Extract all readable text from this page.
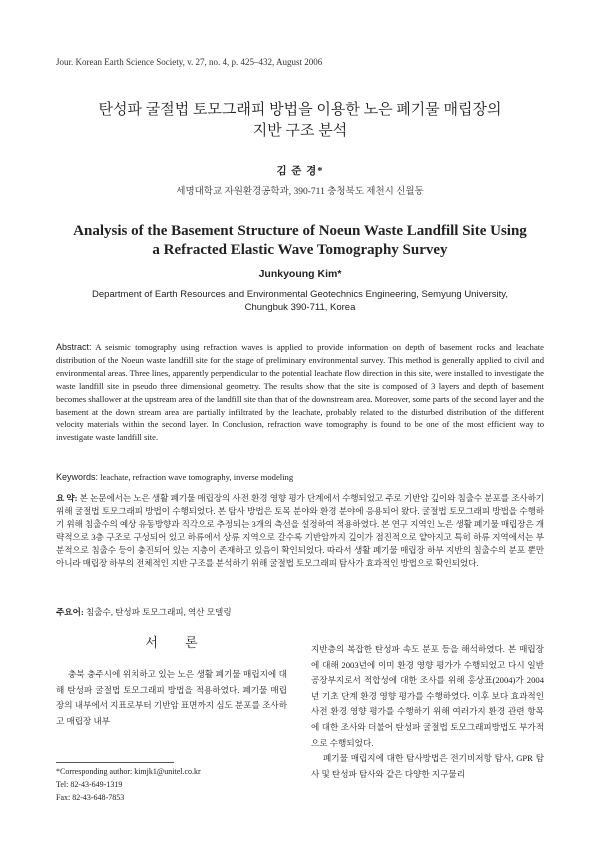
Jour. Korean Earth Science Society, v. 27, no. 4, p. 425–432, August 2006
탄성파 굴절법 토모그래피 방법을 이용한 노은 폐기물 매립장의
지반 구조 분석
김 준 경*
세명대학교 자원환경공학과, 390-711 충청북도 제천시 신월동
Analysis of the Basement Structure of Noeun Waste Landfill Site Using
a Refracted Elastic Wave Tomography Survey
Junkyoung Kim*
Department of Earth Resources and Environmental Geotechnics Engineering, Semyung University,
Chungbuk 390-711, Korea
Abstract: A seismic tomography using refraction waves is applied to provide information on depth of basement rocks and leachate distribution of the Noeun waste landfill site for the stage of preliminary environmental survey. This method is generally applied to civil and environmental areas. Three lines, apparently perpendicular to the potential leachate flow direction in this site, were installed to investigate the waste landfill site in pseudo three dimensional geometry. The results show that the site is composed of 3 layers and depth of basement becomes shallower at the upstream area of the landfill site than that of the downstream area. Moreover, some parts of the second layer and the basement at the down stream area are partially infiltrated by the leachate, probably related to the disturbed distribution of the different velocity materials within the second layer. In Conclusion, refraction wave tomography is found to be one of the most efficient way to investigate waste landfill site.
Keywords: leachate, refraction wave tomography, inverse modeling
요 약: 본 논문에서는 노은 생활 폐기물 매립장의 사전 환경 영향 평가 단계에서 수행되었고 주로 기반암 깊이와 침출수 분포를 조사하기 위해 굴절법 토모그래피 방법이 수행되었다. 본 탐사 방법은 토목 분야와 환경 분야에 응용되어 왔다. 굴절법 토모그래피 방법을 수행하기 위해 침출수의 예상 유동방향과 직각으로 추정되는 3개의 측선을 설정하여 적용하였다. 본 연구 지역인 노은 생활 폐기물 매립장은 개략적으로 3층 구조로 구성되어 있고 하류에서 상류 지역으로 갈수록 기반암까지 깊이가 점진적으로 얕아지고 특히 하류 지역에서는 부분적으로 침출수 등이 충진되어 있는 지층이 존재하고 있음이 확인되었다. 따라서 생활 폐기물 매립장 하부 지반의 침출수의 분포 뿐만 아니라 매립장 하부의 전체적인 지반 구조를 분석하기 위해 굴절법 토모그래피 탐사가 효과적인 방법으로 확인되었다.
주요어: 침출수, 탄성파 토모그래피, 역산 모델링
서 론
충북 충주시에 위치하고 있는 노은 생활 폐기물 매립지에 대해 탄성파 굴절법 토모그래피 방법을 적용하였다. 폐기물 매립장의 내부에서 지표로부터 기반암 표면까지 심도 분포를 조사하고 매립장 내부
지반층의 복잡한 탄성파 속도 분포 등을 해석하였다. 본 매립장에 대해 2003년에 이미 환경 영향 평가가 수행되었고 다시 일반 공장부지로서 적합성에 대한 조사를 위해 홍상표(2004)가 2004년 기초 단계 환경 영향 평가를 수행하였다. 이후 보다 효과적인 사전 환경 영향 평가를 수행하기 위해 여러가지 환경 관련 항목에 대한 조사와 더불어 탄성파 굴절법 토모그래피방법도 부가적으로 수행되었다.
폐기물 매립지에 대한 탐사방법은 전기비저항 탐사, GPR 탐사 및 탄성파 탐사와 같은 다양한 지구물리
*Corresponding author: kimjk1@unitel.co.kr
Tel: 82-43-649-1319
Fax: 82-43-648-7853
